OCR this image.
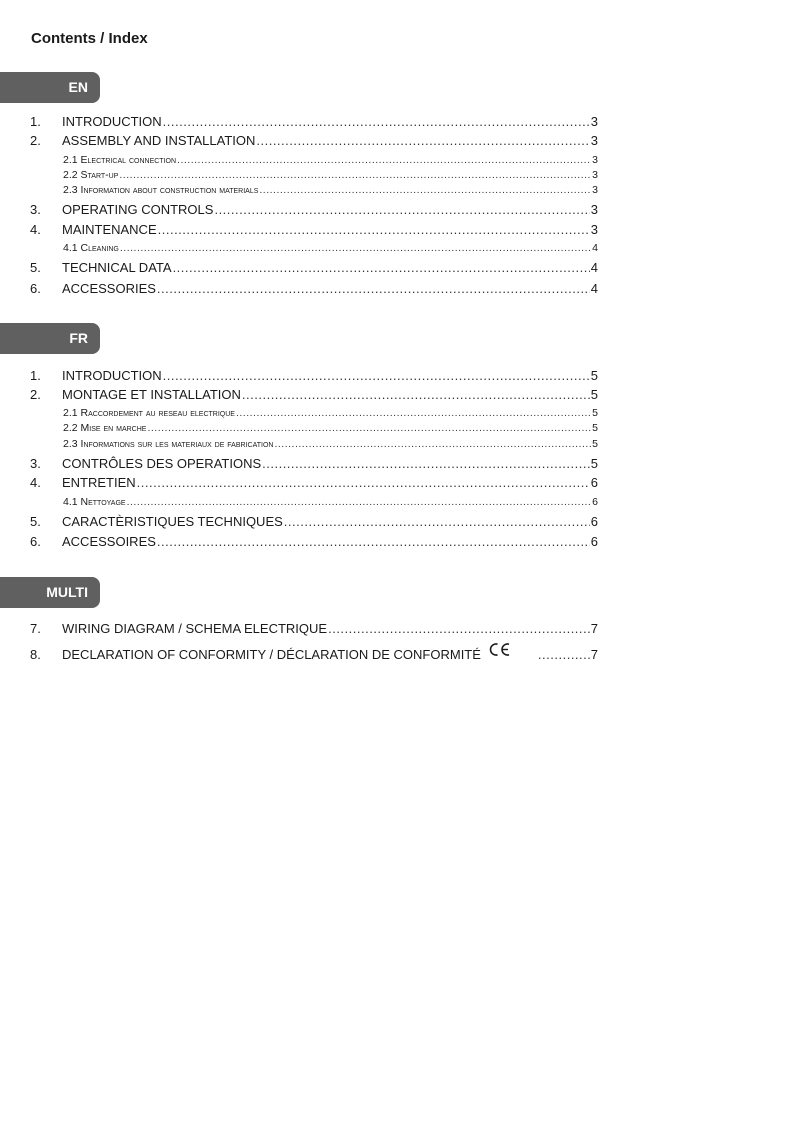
Contents / Index
EN
1.	INTRODUCTION .....	3
2.	ASSEMBLY AND INSTALLATION .....	3
2.1 Electrical connection .....	3
2.2 Start-up .....	3
2.3 Information about construction materials .....	3
3.	OPERATING CONTROLS .....	3
4.	MAINTENANCE .....	3
4.1 Cleaning .....	4
5.	TECHNICAL DATA .....	4
6.	ACCESSORIES .....	4
FR
1.	INTRODUCTION .....	5
2.	MONTAGE ET INSTALLATION .....	5
2.1 Raccordement au reseau electrique .....	5
2.2 Mise en marche .....	5
2.3 Informations sur les materiaux de fabrication .....	5
3.	CONTRÔLES DES OPERATIONS .....	5
4.	ENTRETIEN .....	6
4.1 Nettoyage .....	6
5.	CARACTÈRISTIQUES TECHNIQUES .....	6
6.	ACCESSOIRES .....	6
MULTI
7.	WIRING DIAGRAM / SCHEMA ELECTRIQUE .....	7
8.	DECLARATION OF CONFORMITY / DÉCLARATION DE CONFORMITÉ .....	7
